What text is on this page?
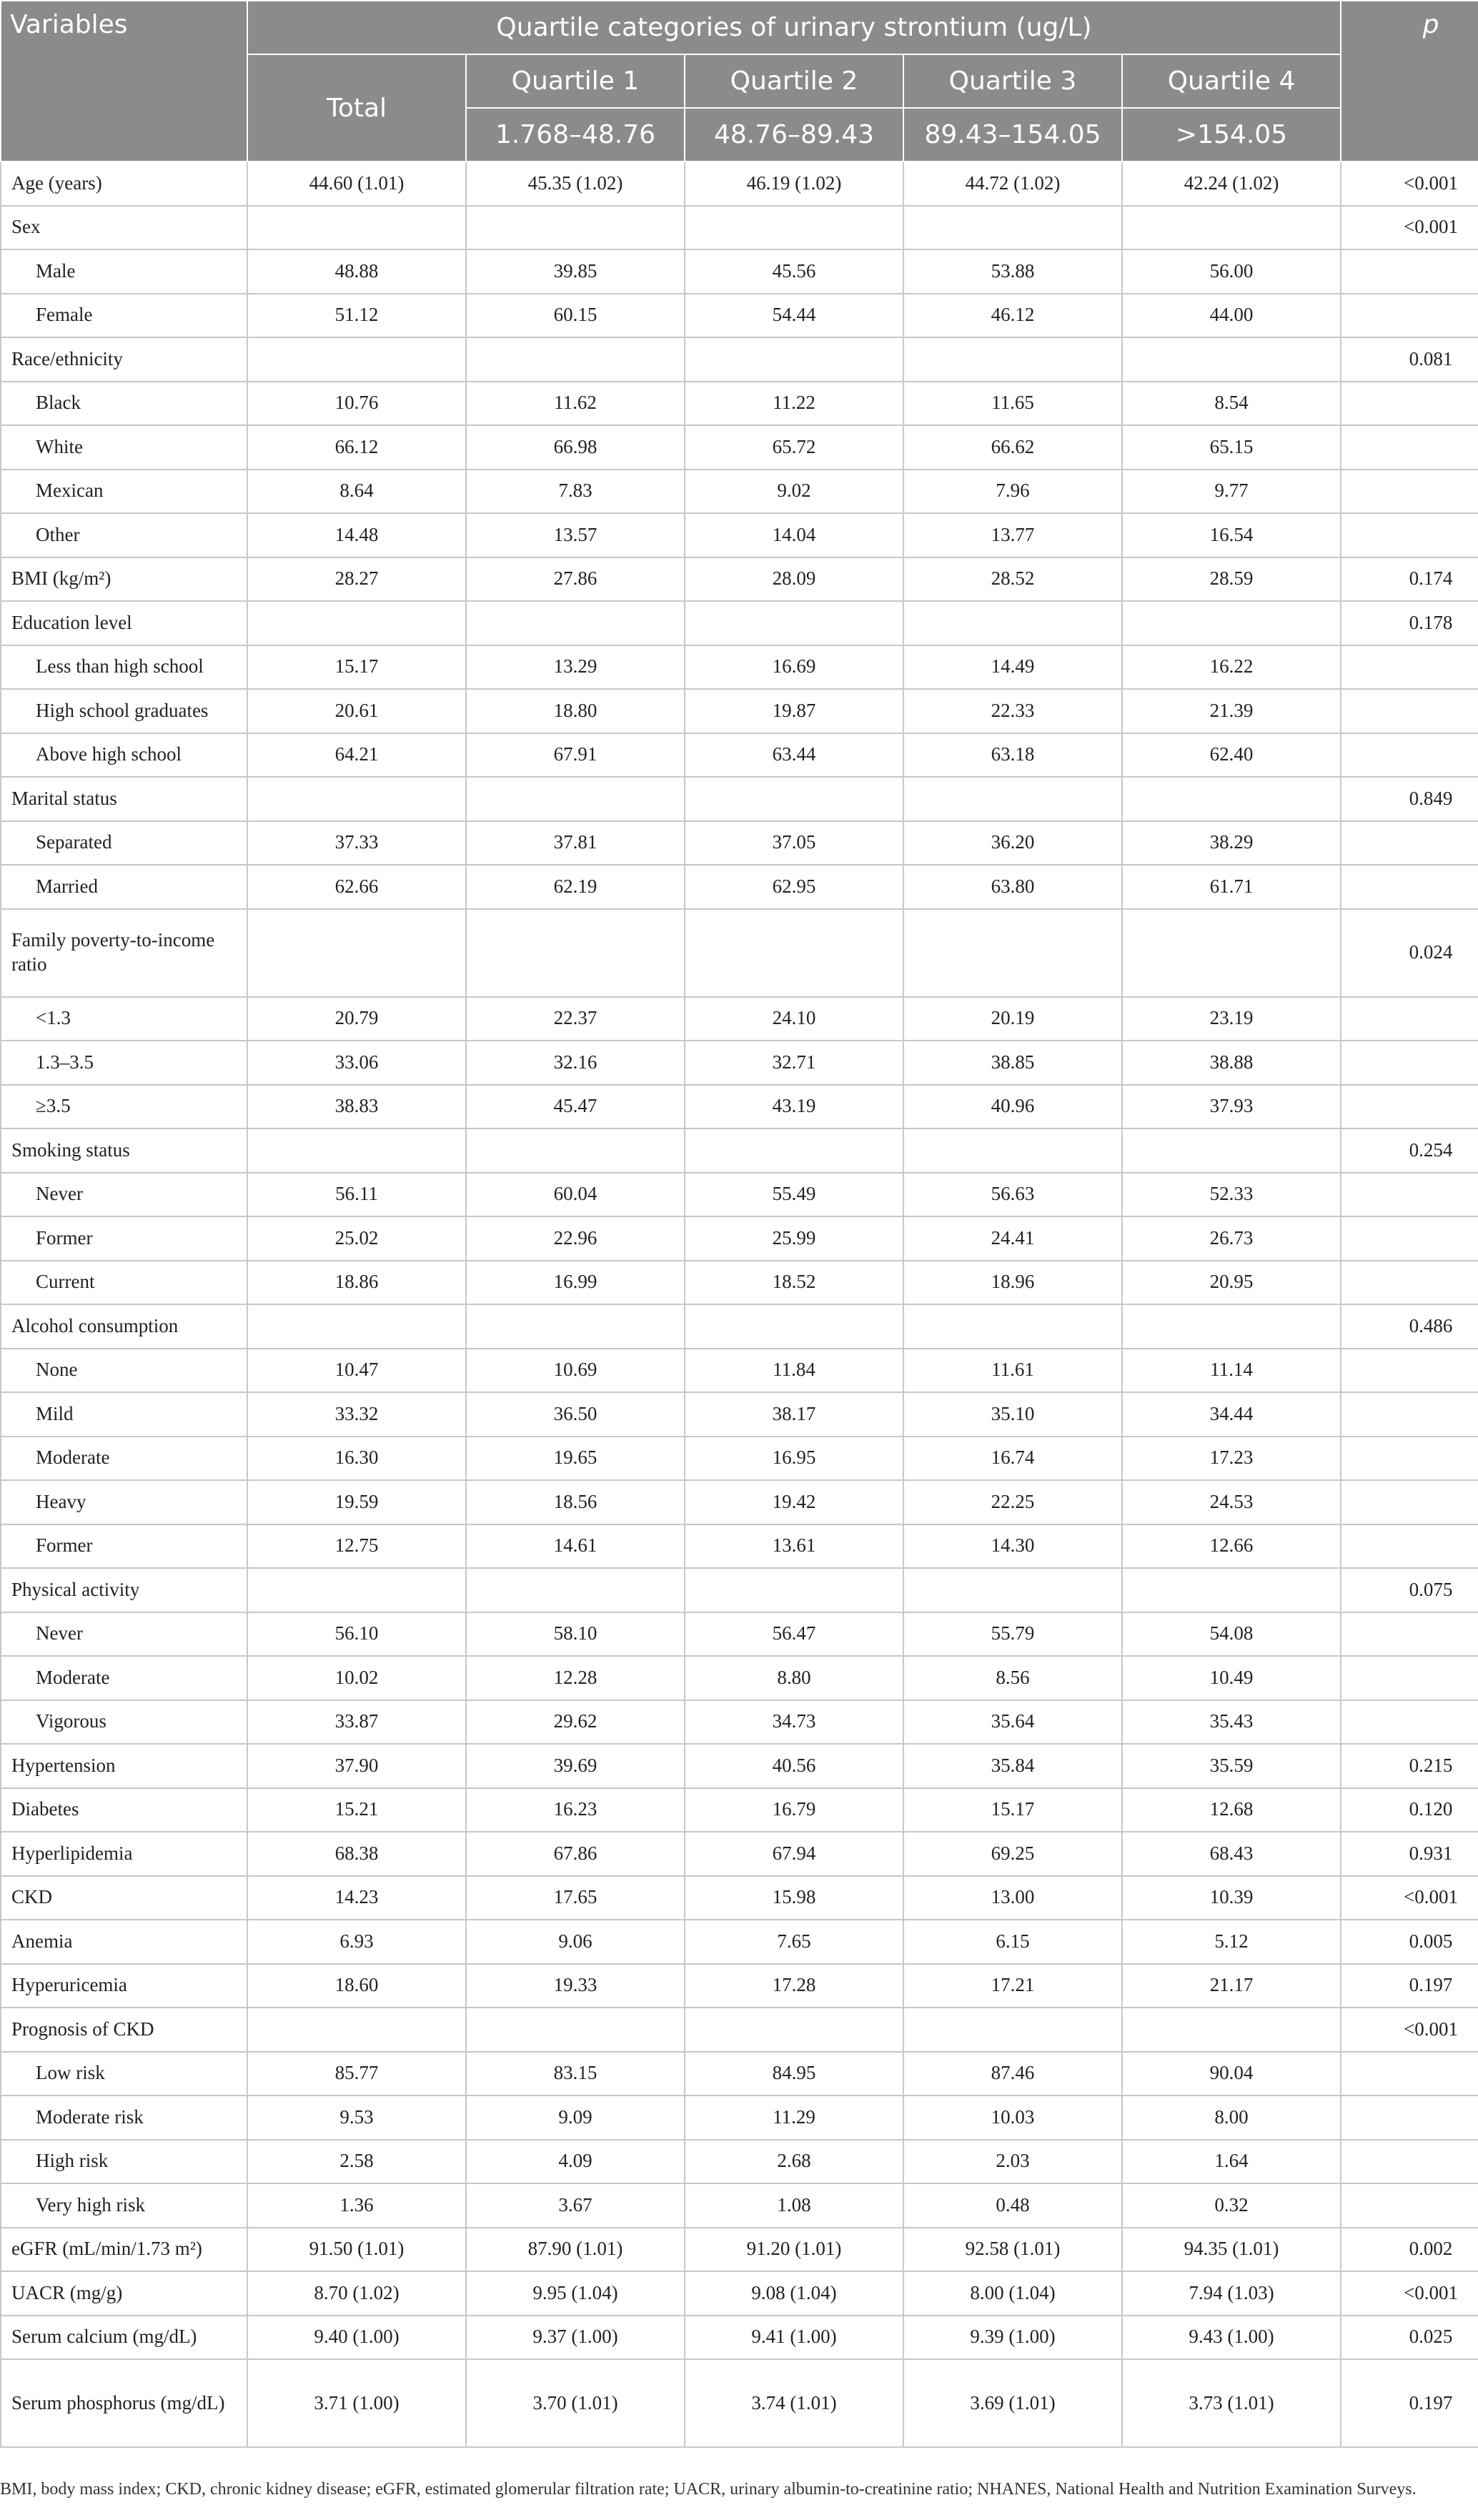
Variables	Quartile categories of urinary strontium (ug/L)					p
	Total	Quartile 1	Quartile 2	Quartile 3	Quartile 4	
		1.768–48.76	48.76–89.43	89.43–154.05	>154.05	
Age (years)	44.60 (1.01)	45.35 (1.02)	46.19 (1.02)	44.72 (1.02)	42.24 (1.02)	<0.001
Sex						<0.001
Male	48.88	39.85	45.56	53.88	56.00	
Female	51.12	60.15	54.44	46.12	44.00	
Race/ethnicity						0.081
Black	10.76	11.62	11.22	11.65	8.54	
White	66.12	66.98	65.72	66.62	65.15	
Mexican	8.64	7.83	9.02	7.96	9.77	
Other	14.48	13.57	14.04	13.77	16.54	
BMI (kg/m²)	28.27	27.86	28.09	28.52	28.59	0.174
Education level						0.178
Less than high school	15.17	13.29	16.69	14.49	16.22	
High school graduates	20.61	18.80	19.87	22.33	21.39	
Above high school	64.21	67.91	63.44	63.18	62.40	
Marital status						0.849
Separated	37.33	37.81	37.05	36.20	38.29	
Married	62.66	62.19	62.95	63.80	61.71	
Family poverty-to-income ratio						0.024
<1.3	20.79	22.37	24.10	20.19	23.19	
1.3–3.5	33.06	32.16	32.71	38.85	38.88	
≥3.5	38.83	45.47	43.19	40.96	37.93	
Smoking status						0.254
Never	56.11	60.04	55.49	56.63	52.33	
Former	25.02	22.96	25.99	24.41	26.73	
Current	18.86	16.99	18.52	18.96	20.95	
Alcohol consumption						0.486
None	10.47	10.69	11.84	11.61	11.14	
Mild	33.32	36.50	38.17	35.10	34.44	
Moderate	16.30	19.65	16.95	16.74	17.23	
Heavy	19.59	18.56	19.42	22.25	24.53	
Former	12.75	14.61	13.61	14.30	12.66	
Physical activity						0.075
Never	56.10	58.10	56.47	55.79	54.08	
Moderate	10.02	12.28	8.80	8.56	10.49	
Vigorous	33.87	29.62	34.73	35.64	35.43	
Hypertension	37.90	39.69	40.56	35.84	35.59	0.215
Diabetes	15.21	16.23	16.79	15.17	12.68	0.120
Hyperlipidemia	68.38	67.86	67.94	69.25	68.43	0.931
CKD	14.23	17.65	15.98	13.00	10.39	<0.001
Anemia	6.93	9.06	7.65	6.15	5.12	0.005
Hyperuricemia	18.60	19.33	17.28	17.21	21.17	0.197
Prognosis of CKD						<0.001
Low risk	85.77	83.15	84.95	87.46	90.04	
Moderate risk	9.53	9.09	11.29	10.03	8.00	
High risk	2.58	4.09	2.68	2.03	1.64	
Very high risk	1.36	3.67	1.08	0.48	0.32	
eGFR (mL/min/1.73 m²)	91.50 (1.01)	87.90 (1.01)	91.20 (1.01)	92.58 (1.01)	94.35 (1.01)	0.002
UACR (mg/g)	8.70 (1.02)	9.95 (1.04)	9.08 (1.04)	8.00 (1.04)	7.94 (1.03)	<0.001
Serum calcium (mg/dL)	9.40 (1.00)	9.37 (1.00)	9.41 (1.00)	9.39 (1.00)	9.43 (1.00)	0.025
Serum phosphorus (mg/dL)	3.71 (1.00)	3.70 (1.01)	3.74 (1.01)	3.69 (1.01)	3.73 (1.01)	0.197
BMI, body mass index; CKD, chronic kidney disease; eGFR, estimated glomerular filtration rate; UACR, urinary albumin-to-creatinine ratio; NHANES, National Health and Nutrition Examination Surveys.
